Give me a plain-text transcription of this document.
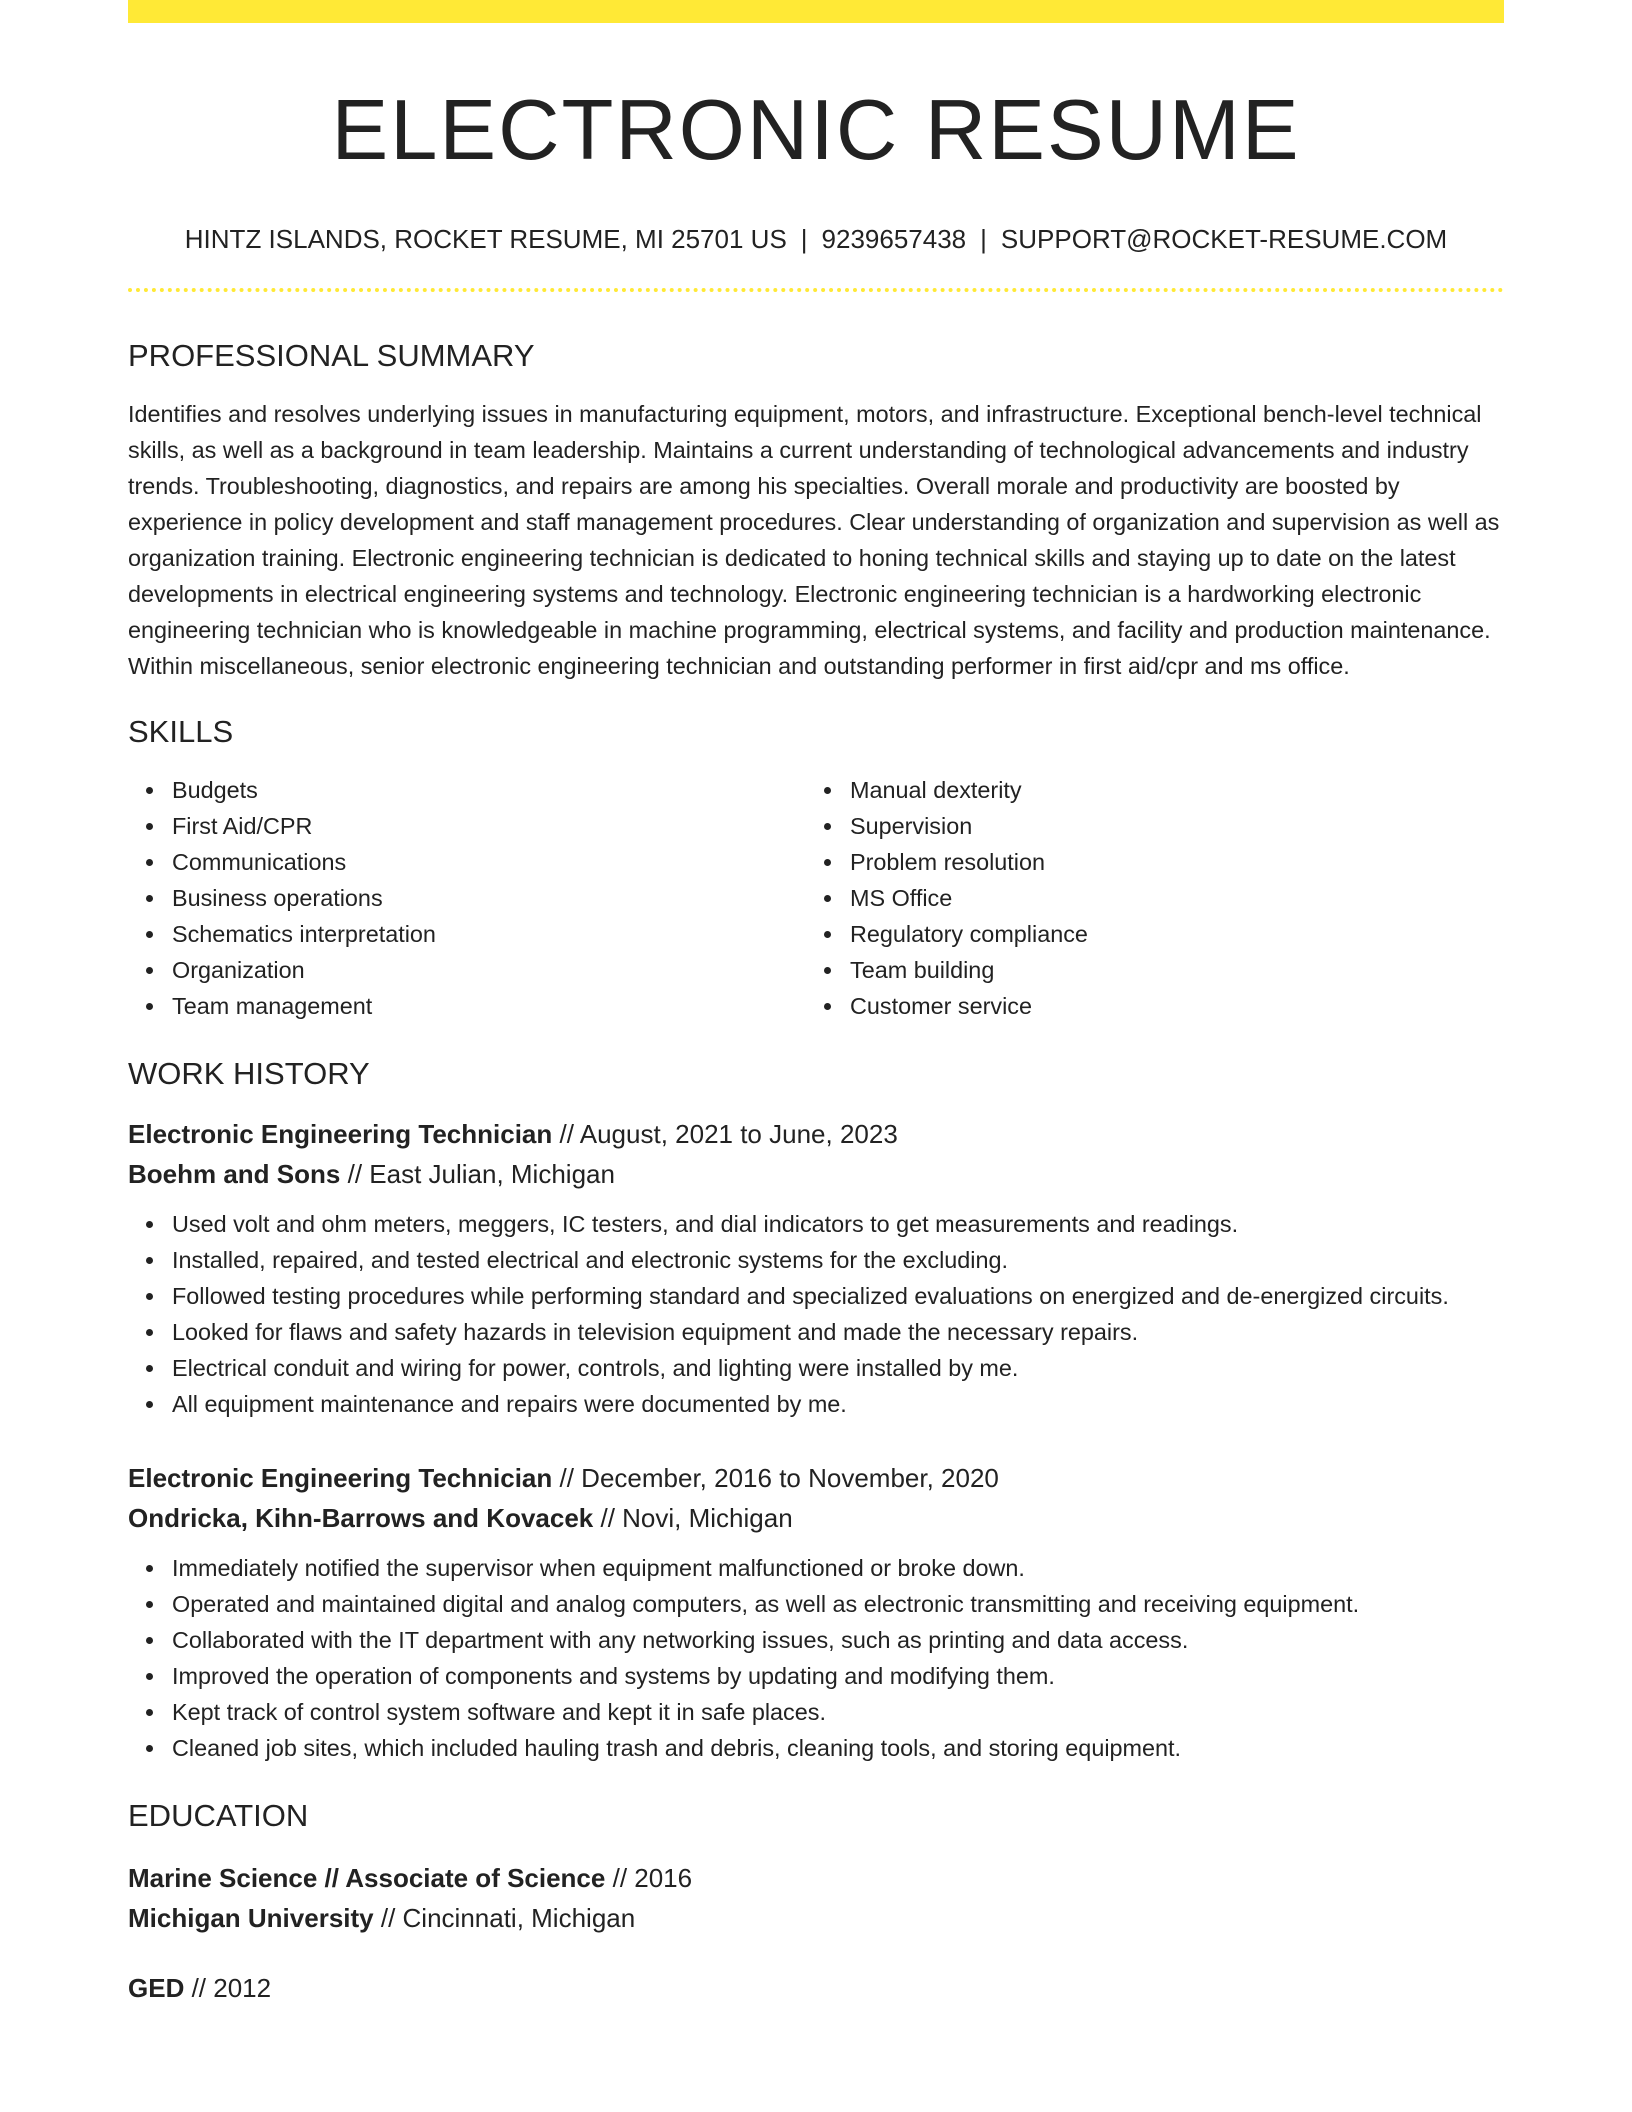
ELECTRONIC RESUME
HINTZ ISLANDS, ROCKET RESUME, MI 25701 US | 9239657438 | SUPPORT@ROCKET-RESUME.COM
PROFESSIONAL SUMMARY

Identifies and resolves underlying issues in manufacturing equipment, motors, and infrastructure. Exceptional bench-level technical skills, as well as a background in team leadership. Maintains a current understanding of technological advancements and industry trends. Troubleshooting, diagnostics, and repairs are among his specialties. Overall morale and productivity are boosted by experience in policy development and staff management procedures. Clear understanding of organization and supervision as well as organization training. Electronic engineering technician is dedicated to honing technical skills and staying up to date on the latest developments in electrical engineering systems and technology. Electronic engineering technician is a hardworking electronic engineering technician who is knowledgeable in machine programming, electrical systems, and facility and production maintenance. Within miscellaneous, senior electronic engineering technician and outstanding performer in first aid/cpr and ms office.

SKILLS
Budgets
First Aid/CPR
Communications
Business operations
Schematics interpretation
Organization
Team management
Manual dexterity
Supervision
Problem resolution
MS Office
Regulatory compliance
Team building
Customer service
WORK HISTORY
Electronic Engineering Technician // August, 2021 to June, 2023
Boehm and Sons // East Julian, Michigan
Used volt and ohm meters, meggers, IC testers, and dial indicators to get measurements and readings.
Installed, repaired, and tested electrical and electronic systems for the excluding.
Followed testing procedures while performing standard and specialized evaluations on energized and de-energized circuits.
Looked for flaws and safety hazards in television equipment and made the necessary repairs.
Electrical conduit and wiring for power, controls, and lighting were installed by me.
All equipment maintenance and repairs were documented by me.
Electronic Engineering Technician // December, 2016 to November, 2020
Ondricka, Kihn-Barrows and Kovacek // Novi, Michigan
Immediately notified the supervisor when equipment malfunctioned or broke down.
Operated and maintained digital and analog computers, as well as electronic transmitting and receiving equipment.
Collaborated with the IT department with any networking issues, such as printing and data access.
Improved the operation of components and systems by updating and modifying them.
Kept track of control system software and kept it in safe places.
Cleaned job sites, which included hauling trash and debris, cleaning tools, and storing equipment.
EDUCATION
Marine Science // Associate of Science // 2016
Michigan University // Cincinnati, Michigan
GED // 2012
